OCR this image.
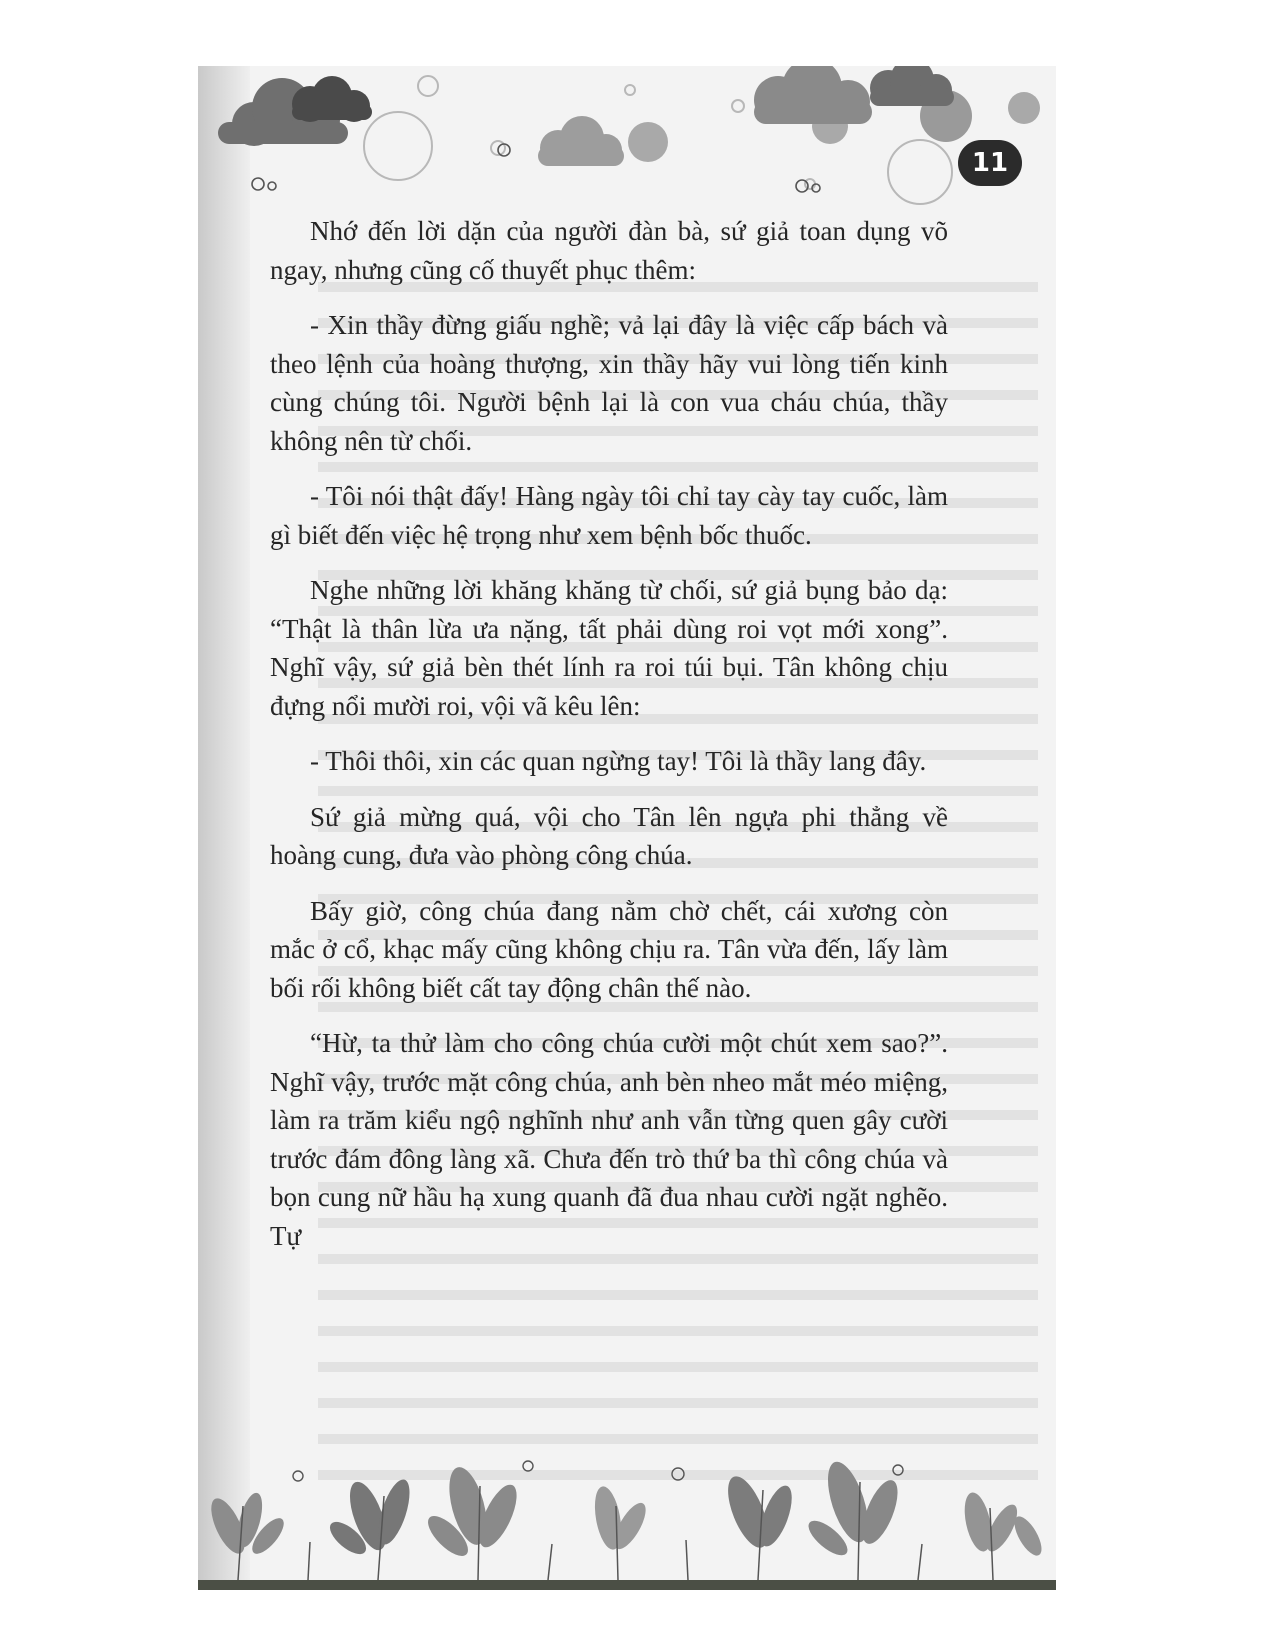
11

Nhớ đến lời dặn của người đàn bà, sứ giả toan dụng võ ngay, nhưng cũng cố thuyết phục thêm:

- Xin thầy đừng giấu nghề; vả lại đây là việc cấp bách và theo lệnh của hoàng thượng, xin thầy hãy vui lòng tiến kinh cùng chúng tôi. Người bệnh lại là con vua cháu chúa, thầy không nên từ chối.

- Tôi nói thật đấy! Hàng ngày tôi chỉ tay cày tay cuốc, làm gì biết đến việc hệ trọng như xem bệnh bốc thuốc.

Nghe những lời khăng khăng từ chối, sứ giả bụng bảo dạ: “Thật là thân lừa ưa nặng, tất phải dùng roi vọt mới xong”. Nghĩ vậy, sứ giả bèn thét lính ra roi túi bụi. Tân không chịu đựng nổi mười roi, vội vã kêu lên:

- Thôi thôi, xin các quan ngừng tay! Tôi là thầy lang đây.

Sứ giả mừng quá, vội cho Tân lên ngựa phi thẳng về hoàng cung, đưa vào phòng công chúa.

Bấy giờ, công chúa đang nằm chờ chết, cái xương còn mắc ở cổ, khạc mấy cũng không chịu ra. Tân vừa đến, lấy làm bối rối không biết cất tay động chân thế nào.

“Hừ, ta thử làm cho công chúa cười một chút xem sao?”. Nghĩ vậy, trước mặt công chúa, anh bèn nheo mắt méo miệng, làm ra trăm kiểu ngộ nghĩnh như anh vẫn từng quen gây cười trước đám đông làng xã. Chưa đến trò thứ ba thì công chúa và bọn cung nữ hầu hạ xung quanh đã đua nhau cười ngặt nghẽo. Tự
